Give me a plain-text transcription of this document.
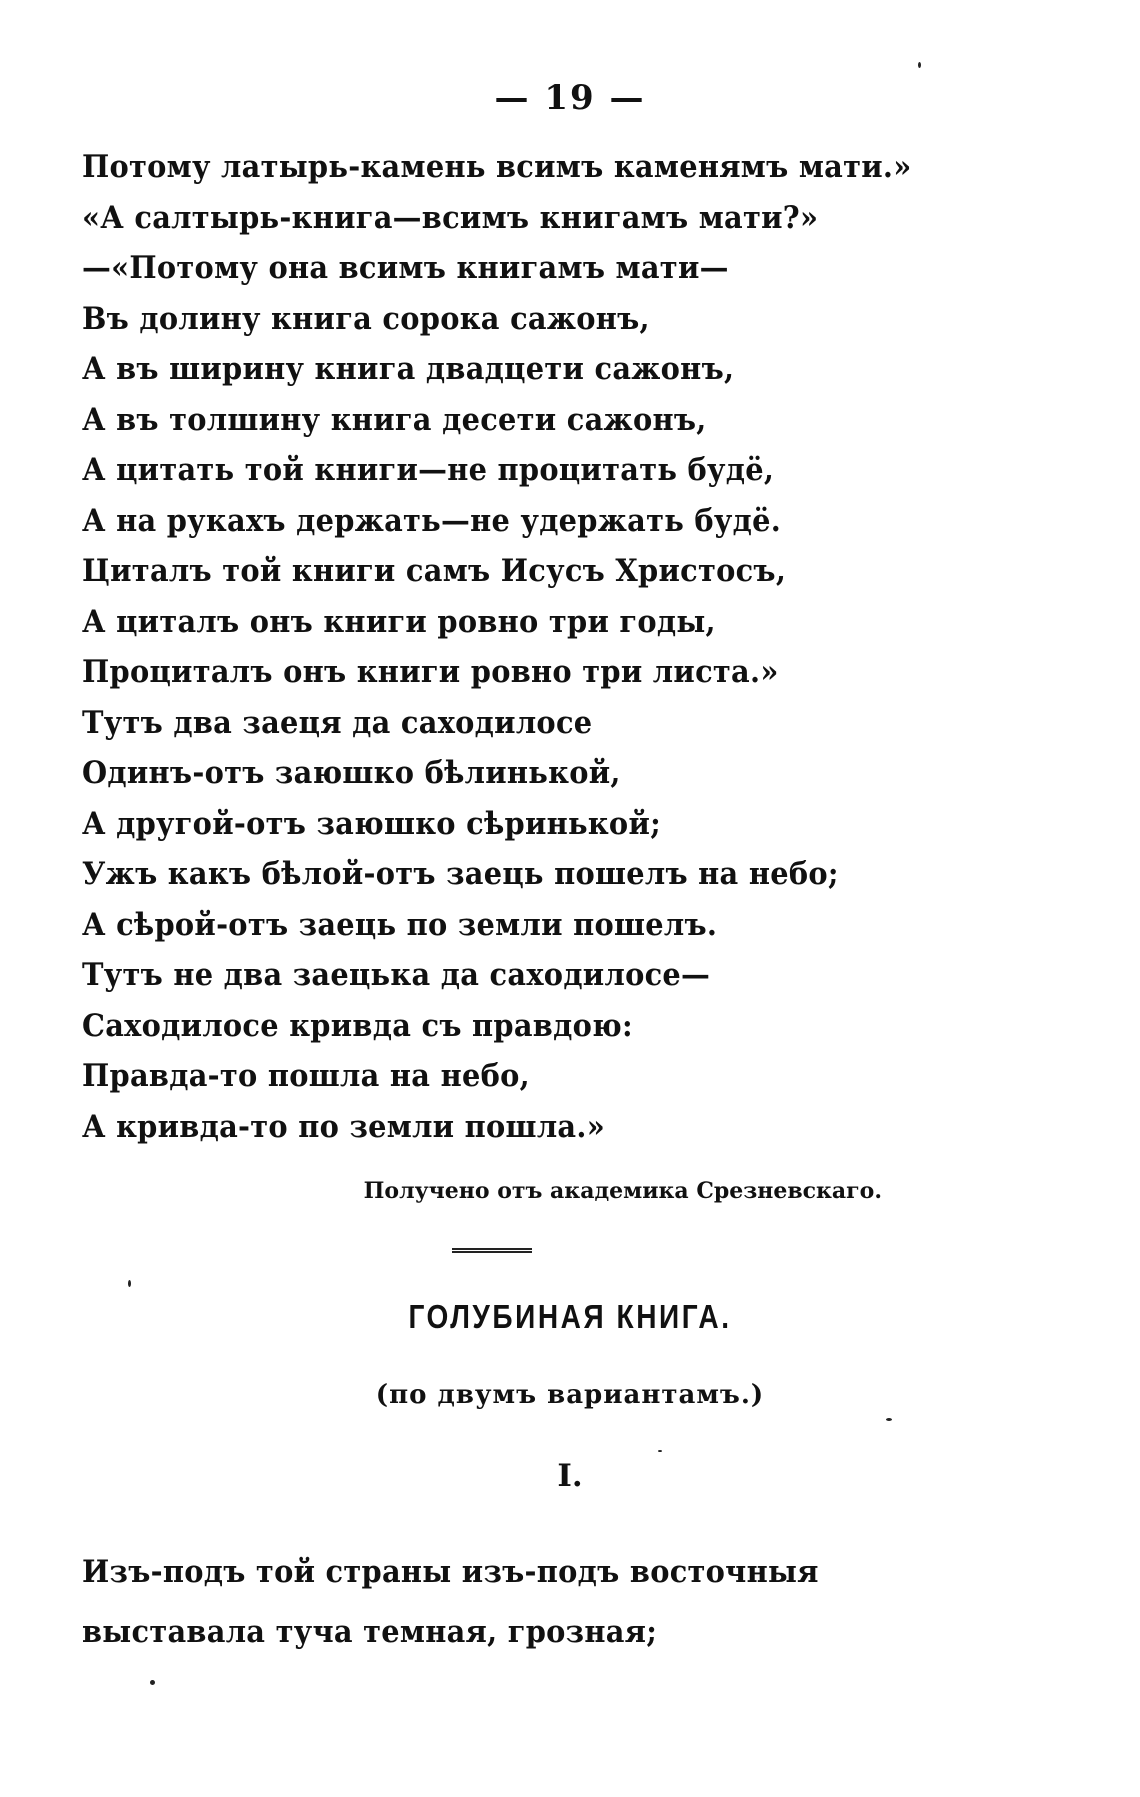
— 19 —
Потому латырь-камень всимъ каменямъ мати.»
«А салтырь-книга—всимъ книгамъ мати?»
—«Потому она всимъ книгамъ мати—
Въ долину книга сорока сажонъ,
А въ ширину книга двадцети сажонъ,
А въ толшину книга десети сажонъ,
А цитать той книги—не процитать будё,
А на рукахъ держать—не удержать будё.
Циталъ той книги самъ Исусъ Христосъ,
А циталъ онъ книги ровно три годы,
Проциталъ онъ книги ровно три листа.»
Тутъ два заеця да саходилосе
Одинъ-отъ заюшко бѣлинькой,
А другой-отъ заюшко сѣринькой;
Ужъ какъ бѣлой-отъ заець пошелъ на небо;
А сѣрой-отъ заець по земли пошелъ.
Тутъ не два заецька да саходилосе—
Саходилосе кривда съ правдою:
Правда-то пошла на небо,
А кривда-то по земли пошла.»
Получено отъ академика Срезневскаго.
ГОЛУБИНАЯ КНИГА.
(по двумъ вариантамъ.)
I.
Изъ-подъ той страны изъ-подъ восточныя
выставала туча темная, грозная;
